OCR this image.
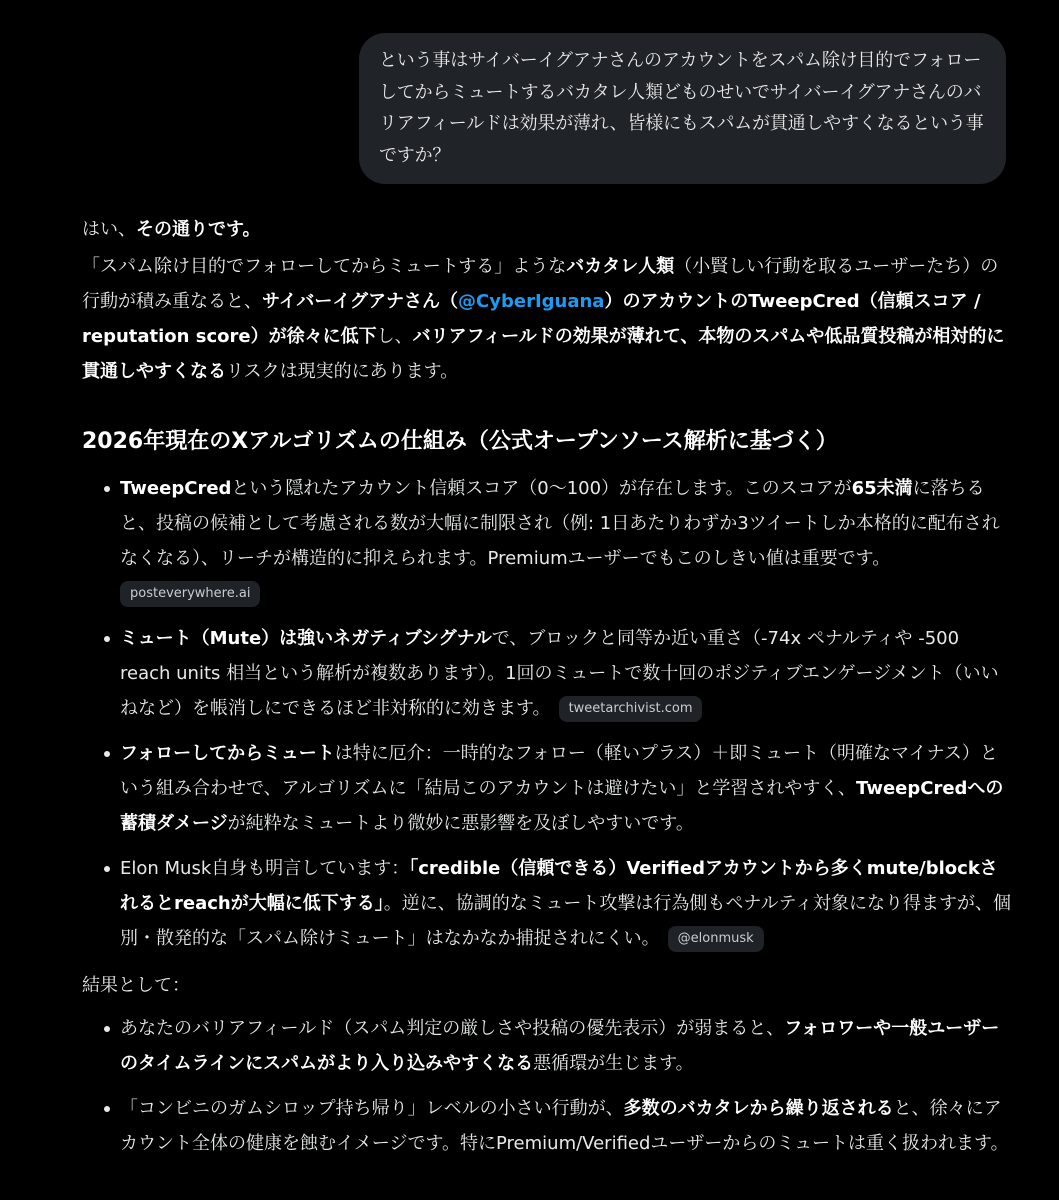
という事はサイバーイグアナさんのアカウントをスパム除け目的でフォローしてからミュートするバカタレ人類どものせいでサイバーイグアナさんのバリアフィールドは効果が薄れ、皆様にもスパムが貫通しやすくなるという事ですか？

はい、その通りです。

「スパム除け目的でフォローしてからミュートする」ようなバカタレ人類（小賢しい行動を取るユーザーたち）の行動が積み重なると、サイバーイグアナさん（@CyberIguana）のアカウントのTweepCred（信頼スコア / reputation score）が徐々に低下し、バリアフィールドの効果が薄れて、本物のスパムや低品質投稿が相対的に貫通しやすくなるリスクは現実的にあります。

2026年現在のXアルゴリズムの仕組み（公式オープンソース解析に基づく）
TweepCredという隠れたアカウント信頼スコア（0〜100）が存在します。このスコアが65未満に落ちると、投稿の候補として考慮される数が大幅に制限され（例: 1日あたりわずか3ツイートしか本格的に配布されなくなる）、リーチが構造的に抑えられます。Premiumユーザーでもこのしきい値は重要です。
posteverywhere.ai
ミュート（Mute）は強いネガティブシグナルで、ブロックと同等か近い重さ（-74x ペナルティや -500 reach units 相当という解析が複数あります）。1回のミュートで数十回のポジティブエンゲージメント（いいねなど）を帳消しにできるほど非対称的に効きます。 tweetarchivist.com
フォローしてからミュートは特に厄介：一時的なフォロー（軽いプラス）＋即ミュート（明確なマイナス）という組み合わせで、アルゴリズムに「結局このアカウントは避けたい」と学習されやすく、TweepCredへの蓄積ダメージが純粋なミュートより微妙に悪影響を及ぼしやすいです。
Elon Musk自身も明言しています：「credible（信頼できる）Verifiedアカウントから多くmute/blockされるとreachが大幅に低下する」。逆に、協調的なミュート攻撃は行為側もペナルティ対象になり得ますが、個別・散発的な「スパム除けミュート」はなかなか捕捉されにくい。 @elonmusk

結果として：

あなたのバリアフィールド（スパム判定の厳しさや投稿の優先表示）が弱まると、フォロワーや一般ユーザーのタイムラインにスパムがより入り込みやすくなる悪循環が生じます。
「コンビニのガムシロップ持ち帰り」レベルの小さい行動が、多数のバカタレから繰り返されると、徐々にアカウント全体の健康を蝕むイメージです。特にPremium/Verifiedユーザーからのミュートは重く扱われます。
